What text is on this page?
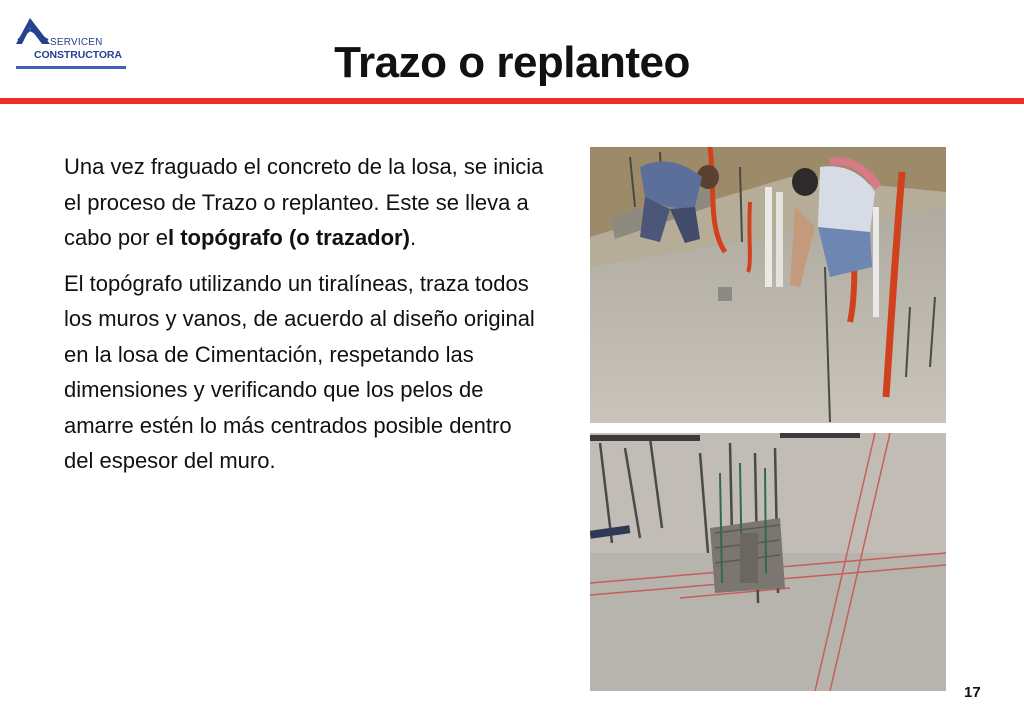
SERVICEN
CONSTRUCTORA	Trazo o replanteo

Una vez fraguado el concreto de la losa, se inicia el proceso de Trazo o replanteo. Este se lleva a cabo por el topógrafo (o trazador).

El topógrafo utilizando un tiralíneas, traza todos los muros y vanos, de acuerdo al diseño original en la losa de Cimentación, respetando las dimensiones y verificando que los pelos de amarre estén lo más centrados posible dentro del espesor del muro.

17
